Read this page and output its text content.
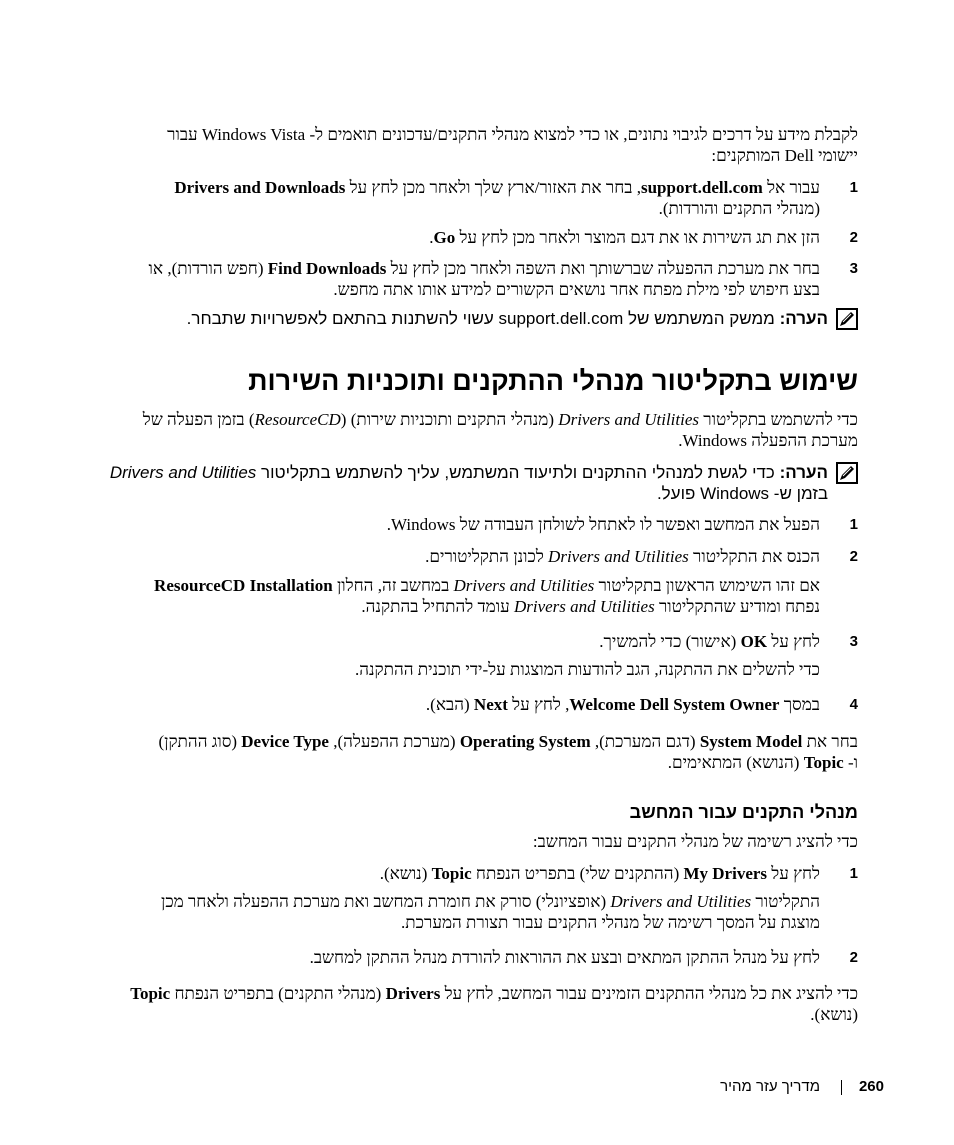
לקבלת מידע על דרכים לגיבוי נתונים, או כדי למצוא מנהלי התקנים/עדכונים תואמים ל- Windows Vista עבור
יישומי Dell המותקנים:
1
עבור אל support.dell.com, בחר את האזור/ארץ שלך ולאחר מכן לחץ על Drivers and Downloads
(מנהלי התקנים והורדות).
2
הזן את תג השירות או את דגם המוצר ולאחר מכן לחץ על Go.
3
בחר את מערכת ההפעלה שברשותך ואת השפה ולאחר מכן לחץ על Find Downloads (חפש הורדות), או
בצע חיפוש לפי מילת מפתח אחר נושאים הקשורים למידע אותו אתה מחפש.
הערה: ממשק המשתמש של support.dell.com עשוי להשתנות בהתאם לאפשרויות שתבחר.
שימוש בתקליטור מנהלי ההתקנים ותוכניות השירות
כדי להשתמש בתקליטור Drivers and Utilities (מנהלי התקנים ותוכניות שירות) (ResourceCD) בזמן הפעלה של
מערכת ההפעלה Windows.
הערה: כדי לגשת למנהלי ההתקנים ולתיעוד המשתמש, עליך להשתמש בתקליטור Drivers and Utilities
בזמן ש- Windows פועל.
1
הפעל את המחשב ואפשר לו לאתחל לשולחן העבודה של Windows.
2
הכנס את התקליטור Drivers and Utilities לכונן התקליטורים.
אם זהו השימוש הראשון בתקליטור Drivers and Utilities במחשב זה, החלון ResourceCD Installation
נפתח ומודיע שהתקליטור Drivers and Utilities עומד להתחיל בהתקנה.
3
לחץ על OK (אישור) כדי להמשיך.
כדי להשלים את ההתקנה, הגב להודעות המוצגות על-ידי תוכנית ההתקנה.
4
במסך Welcome Dell System Owner, לחץ על Next (הבא).
בחר את System Model (דגם המערכת), Operating System (מערכת ההפעלה), Device Type (סוג ההתקן)
ו- Topic (הנושא) המתאימים.
מנהלי התקנים עבור המחשב
כדי להציג רשימה של מנהלי התקנים עבור המחשב:
1
לחץ על My Drivers (ההתקנים שלי) בתפריט הנפתח Topic (נושא).
התקליטור Drivers and Utilities (אופציונלי) סורק את חומרת המחשב ואת מערכת ההפעלה ולאחר מכן
מוצגת על המסך רשימה של מנהלי התקנים עבור תצורת המערכת.
2
לחץ על מנהל ההתקן המתאים ובצע את ההוראות להורדת מנהל ההתקן למחשב.
כדי להציג את כל מנהלי ההתקנים הזמינים עבור המחשב, לחץ על Drivers (מנהלי התקנים) בתפריט הנפתח Topic
(נושא).
260
מדריך עזר מהיר
